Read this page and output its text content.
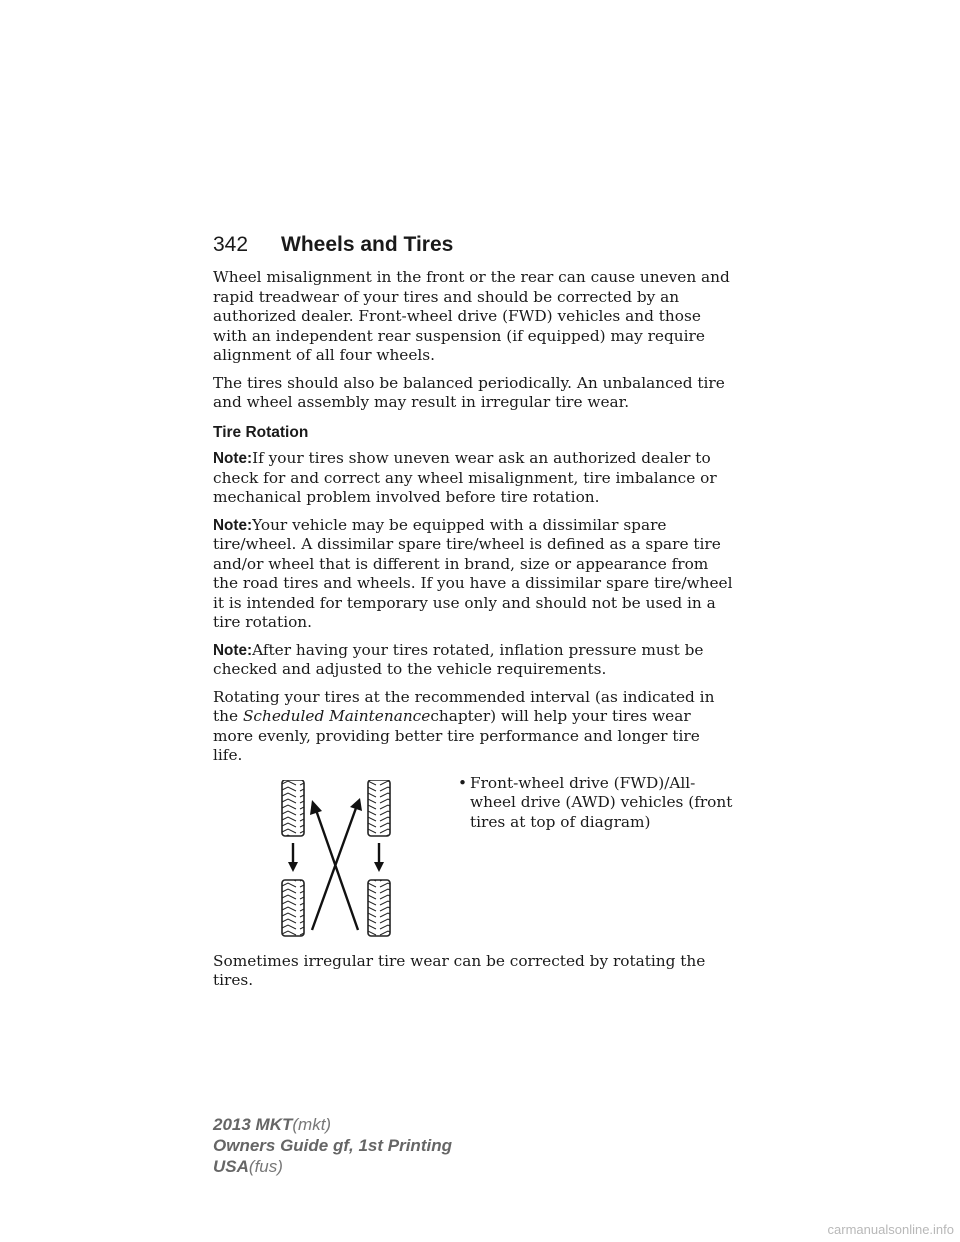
342 Wheels and Tires

Wheel misalignment in the front or the rear can cause uneven and rapid treadwear of your tires and should be corrected by an authorized dealer. Front-wheel drive (FWD) vehicles and those with an independent rear suspension (if equipped) may require alignment of all four wheels.

The tires should also be balanced periodically. An unbalanced tire and wheel assembly may result in irregular tire wear.

Tire Rotation

Note:If your tires show uneven wear ask an authorized dealer to check for and correct any wheel misalignment, tire imbalance or mechanical problem involved before tire rotation.

Note:Your vehicle may be equipped with a dissimilar spare tire/wheel. A dissimilar spare tire/wheel is defined as a spare tire and/or wheel that is different in brand, size or appearance from the road tires and wheels. If you have a dissimilar spare tire/wheel it is intended for temporary use only and should not be used in a tire rotation.

Note:After having your tires rotated, inflation pressure must be checked and adjusted to the vehicle requirements.

Rotating your tires at the recommended interval (as indicated in the Scheduled Maintenancechapter) will help your tires wear more evenly, providing better tire performance and longer tire life.

• Front-wheel drive (FWD)/All-wheel drive (AWD) vehicles (front tires at top of diagram)

Sometimes irregular tire wear can be corrected by rotating the tires.

2013 MKT(mkt)
Owners Guide gf, 1st Printing
USA(fus)
carmanualsonline.info
